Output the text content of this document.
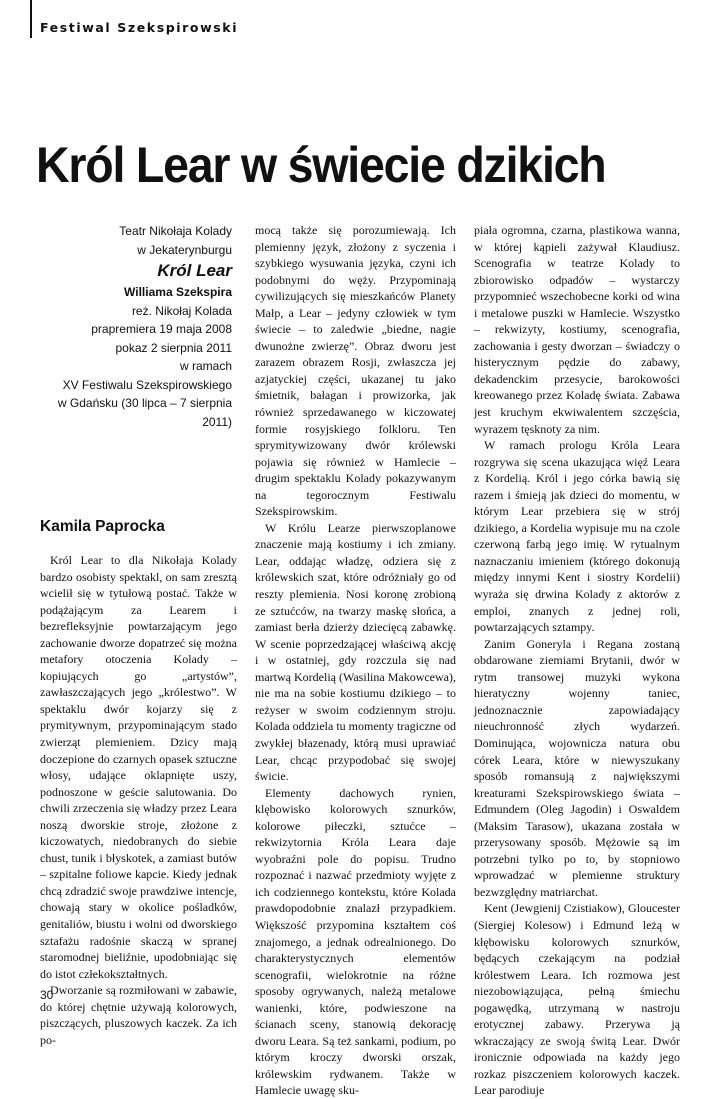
Festiwal Szekspirowski
Król Lear w świecie dzikich
Teatr Nikołaja Kolady
w Jekaterynburgu
Król Lear
Williama Szekspira
reż. Nikołaj Kolada
prapremiera 19 maja 2008
pokaz 2 sierpnia 2011
w ramach
XV Festiwalu Szekspirowskiego
w Gdańsku (30 lipca – 7 sierpnia 2011)
Kamila Paprocka

Król Lear to dla Nikołaja Kolady bardzo osobisty spektakl, on sam zresztą wcielił się w tytułową postać. Także w podążającym za Learem i bezrefleksyjnie powtarzającym jego zachowanie dworze dopatrzeć się można metafory otoczenia Kolady – kopiujących go „artystów”, zawłaszczających jego „królestwo”. W spektaklu dwór kojarzy się z prymitywnym, przypominającym stado zwierząt plemieniem. Dzicy mają doczepione do czarnych opasek sztuczne włosy, udające oklapnięte uszy, podnoszone w geście salutowania. Do chwili zrzeczenia się władzy przez Leara noszą dworskie stroje, złożone z kiczowatych, niedobranych do siebie chust, tunik i błyskotek, a zamiast butów – szpitalne foliowe kapcie. Kiedy jednak chcą zdradzić swoje prawdziwe intencje, chowają stary w okolice pośladków, genitaliów, biustu i wolni od dworskiego sztafażu radośnie skaczą w spranej staromodnej bieliźnie, upodobniając się do istot człekokształtnych.

Dworzanie są rozmiłowani w zabawie, do której chętnie używają kolorowych, piszczących, pluszowych kaczek. Za ich po-

mocą także się porozumiewają. Ich plemienny język, złożony z syczenia i szybkiego wysuwania języka, czyni ich podobnymi do węży. Przypominają cywilizujących się mieszkańców Planety Małp, a Lear – jedyny człowiek w tym świecie – to zaledwie „biedne, nagie dwunożne zwierzę”. Obraz dworu jest zarazem obrazem Rosji, zwłaszcza jej azjatyckiej części, ukazanej tu jako śmietnik, bałagan i prowizorka, jak również sprzedawanego w kiczowatej formie rosyjskiego folkloru. Ten sprymitywizowany dwór królewski pojawia się również w Hamlecie – drugim spektaklu Kolady pokazywanym na tegorocznym Festiwalu Szekspirowskim.

W Królu Learze pierwszoplanowe znaczenie mają kostiumy i ich zmiany. Lear, oddając władzę, odziera się z królewskich szat, które odróżniały go od reszty plemienia. Nosi koronę zrobioną ze sztućców, na twarzy maskę słońca, a zamiast berła dzierży dziecięcą zabawkę. W scenie poprzedzającej właściwą akcję i w ostatniej, gdy rozczula się nad martwą Kordelią (Wasilina Makowcewa), nie ma na sobie kostiumu dzikiego – to reżyser w swoim codziennym stroju. Kolada oddziela tu momenty tragiczne od zwykłej błazenady, którą musi uprawiać Lear, chcąc przypodobać się swojej świcie.

Elementy dachowych rynien, klębowisko kolorowych sznurków, kolorowe piłeczki, sztućce – rekwizytornia Króla Leara daje wyobraźni pole do popisu. Trudno rozpoznać i nazwać przedmioty wyjęte z ich codziennego kontekstu, które Kolada prawdopodobnie znalazł przypadkiem. Większość przypomina kształtem coś znajomego, a jednak odrealnionego. Do charakterystycznych elementów scenografii, wielokrotnie na różne sposoby ogrywanych, należą metalowe wanienki, które, podwieszone na ścianach sceny, stanowią dekorację dworu Leara. Są też sankami, podium, po którym kroczy dworski orszak, królewskim rydwanem. Także w Hamlecie uwagę sku-

piała ogromna, czarna, plastikowa wanna, w której kąpieli zażywał Klaudiusz. Scenografia w teatrze Kolady to zbiorowisko odpadów – wystarczy przypomnieć wszechobecne korki od wina i metalowe puszki w Hamlecie. Wszystko – rekwizyty, kostiumy, scenografia, zachowania i gesty dworzan – świadczy o histerycznym pędzie do zabawy, dekadenckim przesycie, barokowości kreowanego przez Koladę świata. Zabawa jest kruchym ekwiwalentem szczęścia, wyrazem tęsknoty za nim.

W ramach prologu Króla Leara rozgrywa się scena ukazująca więź Leara z Kordelią. Król i jego córka bawią się razem i śmieją jak dzieci do momentu, w którym Lear przebiera się w strój dzikiego, a Kordelia wypisuje mu na czole czerwoną farbą jego imię. W rytualnym naznaczaniu imieniem (którego dokonują między innymi Kent i siostry Kordelii) wyraża się drwina Kolady z aktorów z emploi, znanych z jednej roli, powtarzających sztampy.

Zanim Goneryla i Regana zostaną obdarowane ziemiami Brytanii, dwór w rytm transowej muzyki wykona hieratyczny wojenny taniec, jednoznacznie zapowiadający nieuchronność złych wydarzeń. Dominująca, wojownicza natura obu córek Leara, które w niewyszukany sposób romansują z największymi kreaturami Szekspirowskiego świata – Edmundem (Oleg Jagodin) i Oswaldem (Maksim Tarasow), ukazana została w przerysowany sposób. Mężowie są im potrzebni tylko po to, by stopniowo wprowadzać w plemienne struktury bezwzględny matriarchat.

Kent (Jewgienij Czistiakow), Gloucester (Siergiej Kolesow) i Edmund leżą w kłębowisku kolorowych sznurków, będących czekającym na podział królestwem Leara. Ich rozmowa jest niezobowiązująca, pełną śmiechu pogawędką, utrzymaną w nastroju erotycznej zabawy. Przerywa ją wkraczający ze swoją świtą Lear. Dwór ironicznie odpowiada na każdy jego rozkaz piszczeniem kolorowych kaczek. Lear parodiuje

30
